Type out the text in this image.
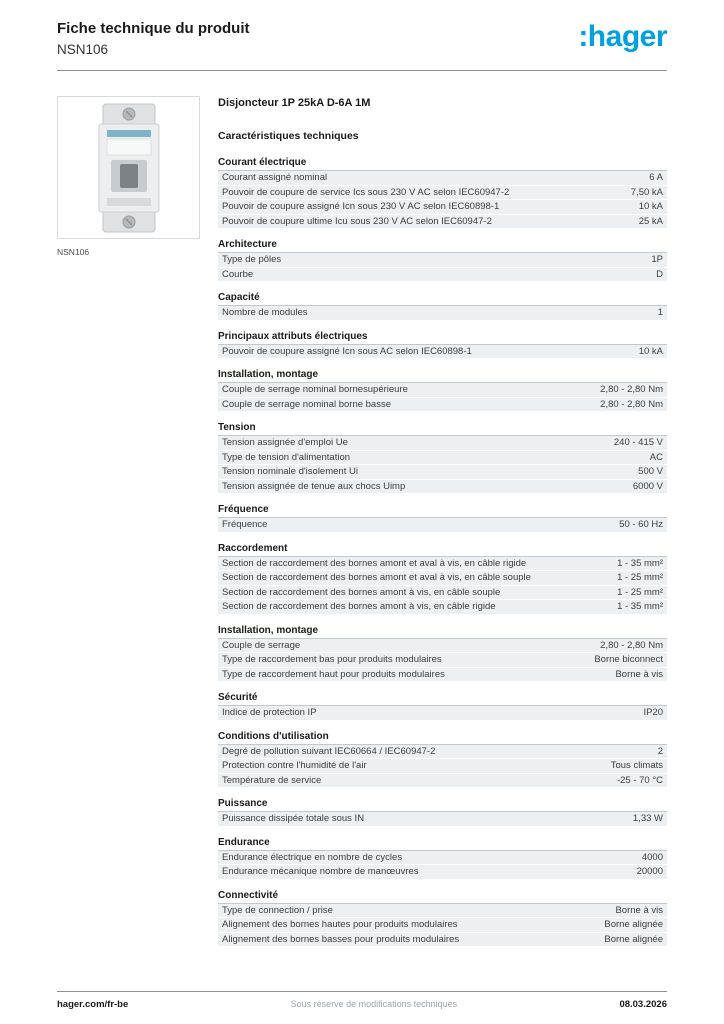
Fiche technique du produit
NSN106	:hager
NSN106
Disjoncteur 1P 25kA D-6A 1M
Caractéristiques techniques
Courant électrique
Courant assigné nominal	6 A
Pouvoir de coupure de service Ics sous 230 V AC selon IEC60947-2	7,50 kA
Pouvoir de coupure assigné Icn sous 230 V AC selon IEC60898-1	10 kA
Pouvoir de coupure ultime Icu sous 230 V AC selon IEC60947-2	25 kA
Architecture
Type de pôles	1P
Courbe	D
Capacité
Nombre de modules	1
Principaux attributs électriques
Pouvoir de coupure assigné Icn sous AC selon IEC60898-1	10 kA
Installation, montage
Couple de serrage nominal bornesupérieure	2,80 - 2,80 Nm
Couple de serrage nominal borne basse	2,80 - 2,80 Nm
Tension
Tension assignée d'emploi Ue	240 - 415 V
Type de tension d'alimentation	AC
Tension nominale d'isolement Ui	500 V
Tension assignée de tenue aux chocs Uimp	6000 V
Fréquence
Fréquence	50 - 60 Hz
Raccordement
Section de raccordement des bornes amont et aval à vis, en câble rigide	1 - 35 mm²
Section de raccordement des bornes amont et aval à vis, en câble souple	1 - 25 mm²
Section de raccordement des bornes amont à vis, en câble souple	1 - 25 mm²
Section de raccordement des bornes amont à vis, en câble rigide	1 - 35 mm²
Installation, montage
Couple de serrage	2,80 - 2,80 Nm
Type de raccordement bas pour produits modulaires	Borne biconnect
Type de raccordement haut pour produits modulaires	Borne à vis
Sécurité
Indice de protection IP	IP20
Conditions d'utilisation
Degré de pollution suivant IEC60664 / IEC60947-2	2
Protection contre l'humidité de l'air	Tous climats
Température de service	-25 - 70 °C
Puissance
Puissance dissipée totale sous IN	1,33 W
Endurance
Endurance électrique en nombre de cycles	4000
Endurance mécanique nombre de manœuvres	20000
Connectivité
Type de connection / prise	Borne à vis
Alignement des bornes hautes pour produits modulaires	Borne alignée
Alignement des bornes basses pour produits modulaires	Borne alignée
hager.com/fr-be	Sous réserve de modifications techniques	08.03.2026
